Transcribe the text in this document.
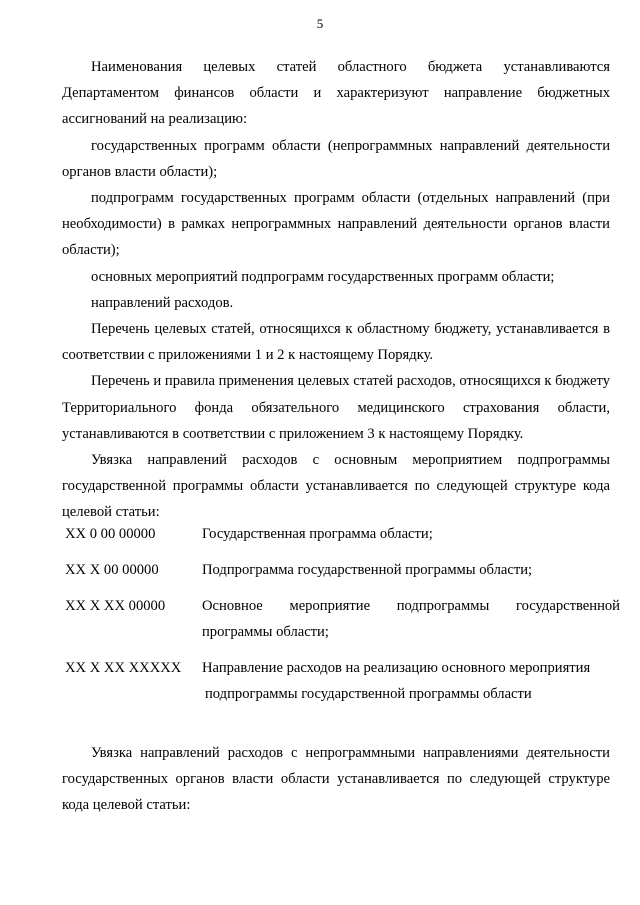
5

Наименования целевых статей областного бюджета устанавливаются Департаментом финансов области и характеризуют направление бюджетных ассигнований на реализацию:

государственных программ области (непрограммных направлений деятельности органов власти области);

подпрограмм государственных программ области (отдельных направлений (при необходимости) в рамках непрограммных направлений деятельности органов власти области);

основных мероприятий подпрограмм государственных программ области;

направлений расходов.

Перечень целевых статей, относящихся к областному бюджету, устанавливается в соответствии с приложениями 1 и 2 к настоящему Порядку.

Перечень и правила применения целевых статей расходов, относящихся к бюджету Территориального фонда обязательного медицинского страхования области, устанавливаются в соответствии с приложением 3 к настоящему Порядку.

Увязка направлений расходов с основным мероприятием подпрограммы государственной программы области устанавливается по следующей структуре кода целевой статьи:

XX 0 00 00000	Государственная программа области;
XX X 00 00000	Подпрограмма государственной программы области;
XX X XX 00000	Основное мероприятие подпрограммы государственной
программы области;
XX X XX XXXXX	Направление расходов на реализацию основного мероприятия
подпрограммы государственной программы области

Увязка направлений расходов с непрограммными направлениями деятельности государственных органов власти области устанавливается по следующей структуре кода целевой статьи:
